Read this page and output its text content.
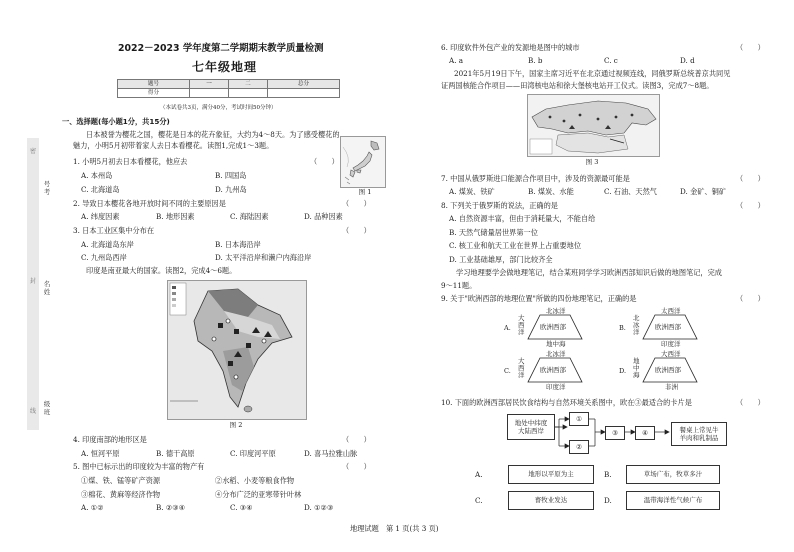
密
封
线
号
考
名
姓
级
班
2022－2023 学年度第二学期期末教学质量检测
七年级地理
题号	一	二	总分
得分			
（本试卷共3页，满分40分，考试时间50分钟）
一、选择题(每小题1分，共15分)
日本被誉为樱花之国，樱花是日本的花卉象征，大约为4～8天。为了感受樱花的
魅力，小明5月初带着家人去日本看樱花。读图1,完成1～3题。
图 1
1. 小明5月初去日本看樱花，他应去	（　　）
A. 本州岛	B. 四国岛
C. 北海道岛	D. 九州岛
2. 导致日本樱花各地开放时间不同的主要原因是	（　　）
A. 纬度因素	B. 地形因素	C. 海陆因素	D. 品种因素
3. 日本工业区集中分布在	（　　）
A. 北海道岛东岸	B. 日本海沿岸
C. 九州岛西岸	D. 太平洋沿岸和濑户内海沿岸
印度是南亚最大的国家。读图2，完成4～6题。
图 2
4. 印度南部的地形区是	（　　）
A. 恒河平原	B. 德干高原	C. 印度河平原	D. 喜马拉雅山脉
5. 图中已标示出的印度较为丰富的物产有	（　　）
①煤、铁、锰等矿产资源	②水稻、小麦等粮食作物
③棉花、黄麻等经济作物	④分布广泛的亚寒带针叶林
A. ①②	B. ②③④	C. ③④	D. ①②③
6. 印度软件外包产业的发源地是图中的城市	（　　）
A. a	B. b	C. c	D. d
2021年5月19日下午，国家主席习近平在北京通过视频连线，同俄罗斯总统普京共同见
证两国核能合作项目——田湾核电站和徐大堡核电站开工仪式。读图3，完成7～8题。
图 3
7. 中国从俄罗斯进口能源合作项目中，涉及的资源最可能是	（　　）
A. 煤炭、铁矿	B. 煤炭、水能	C. 石油、天然气	D. 金矿、铜矿
8. 下列关于俄罗斯的说法，正确的是	（　　）
A. 自然资源丰富，但由于消耗量大，不能自给
B. 天然气储量居世界第一位
C. 核工业和航天工业在世界上占重要地位
D. 工业基础雄厚，部门比较齐全
学习地理要学会做地理笔记，结合某班同学学习欧洲西部知识后做的地图笔记，完成
9～11题。
9. 关于"欧洲西部的地理位置"所做的四份地理笔记，正确的是	（　　）
A.
北冰洋
欧洲西部
地中海
大西洋
B.
太西洋
欧洲西部
印度洋
北冰洋
C.
北冰洋
欧洲西部
印度洋
大西洋
D.
大西洋
欧洲西部
非洲
地中海
10. 下面的欧洲西部居民饮食结构与自然环境关系图中，欧在③最适合的卡片是	（　　）
地处中纬度
大陆西岸
①
②
③	④	餐桌上常见牛
羊肉和乳制品
A.	地形以平原为主	B.	草场广布，牧草多汁
C.	畜牧业发达	D.	温带海洋性气候广布
地理试题　第 1 页(共 3 页)
